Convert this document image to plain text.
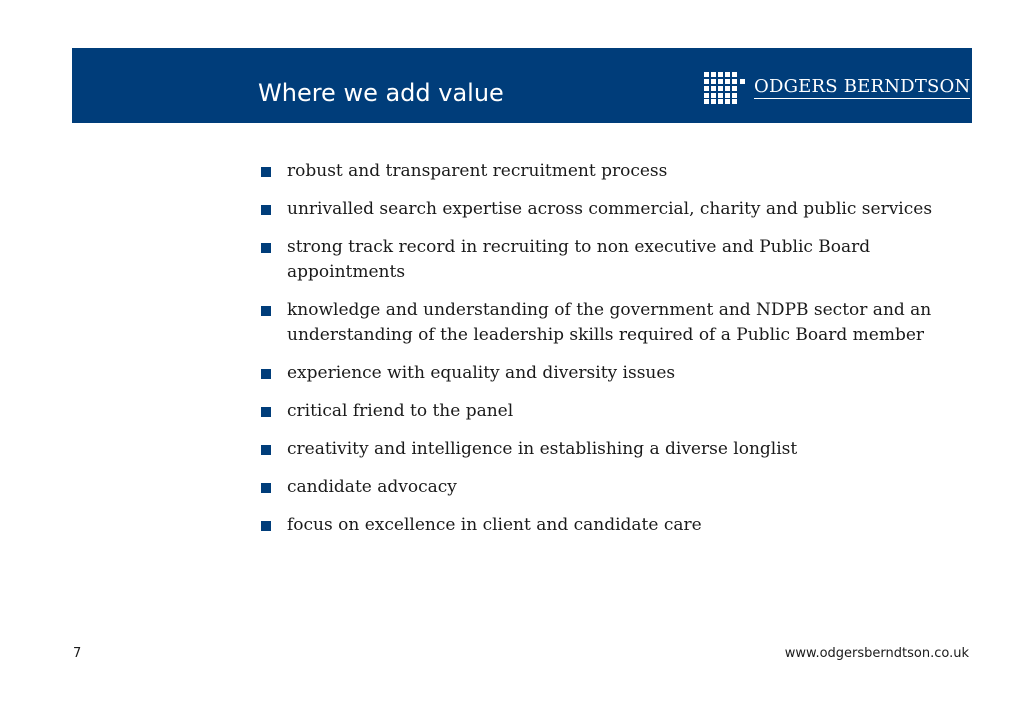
Where we add value	ODGERS BERNDTSON
robust and transparent recruitment process
unrivalled search expertise across commercial, charity and public services
strong track record in recruiting to non executive and Public Board appointments
knowledge and understanding of the government and NDPB sector and an understanding of the leadership skills required of a Public Board member
experience with equality and diversity issues
critical friend to the panel
creativity and intelligence in establishing a diverse longlist
candidate advocacy
focus on excellence in client and candidate care
7	www.odgersberndtson.co.uk
